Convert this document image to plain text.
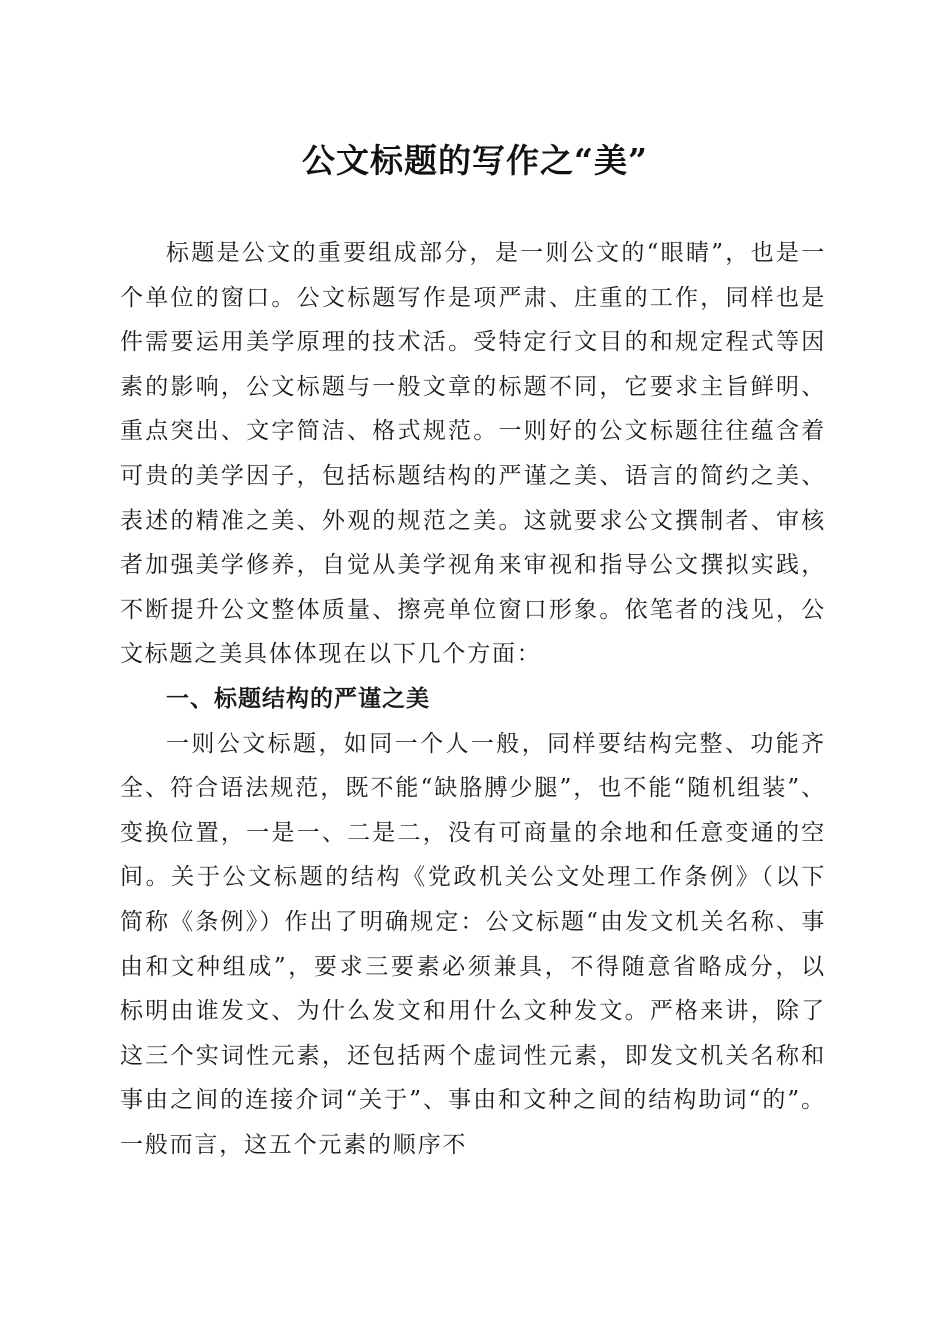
公文标题的写作之“美”

标题是公文的重要组成部分，是一则公文的“眼睛”，也是一个单位的窗口。公文标题写作是项严肃、庄重的工作，同样也是件需要运用美学原理的技术活。受特定行文目的和规定程式等因素的影响，公文标题与一般文章的标题不同，它要求主旨鲜明、重点突出、文字简洁、格式规范。一则好的公文标题往往蕴含着可贵的美学因子，包括标题结构的严谨之美、语言的简约之美、表述的精准之美、外观的规范之美。这就要求公文撰制者、审核者加强美学修养，自觉从美学视角来审视和指导公文撰拟实践，不断提升公文整体质量、擦亮单位窗口形象。依笔者的浅见，公文标题之美具体体现在以下几个方面：

一、标题结构的严谨之美

一则公文标题，如同一个人一般，同样要结构完整、功能齐全、符合语法规范，既不能“缺胳膊少腿”，也不能“随机组装”、变换位置，一是一、二是二，没有可商量的余地和任意变通的空间。关于公文标题的结构《党政机关公文处理工作条例》（以下简称《条例》）作出了明确规定：公文标题“由发文机关名称、事由和文种组成”，要求三要素必须兼具，不得随意省略成分，以标明由谁发文、为什么发文和用什么文种发文。严格来讲，除了这三个实词性元素，还包括两个虚词性元素，即发文机关名称和事由之间的连接介词“关于”、事由和文种之间的结构助词“的”。一般而言，这五个元素的顺序不
